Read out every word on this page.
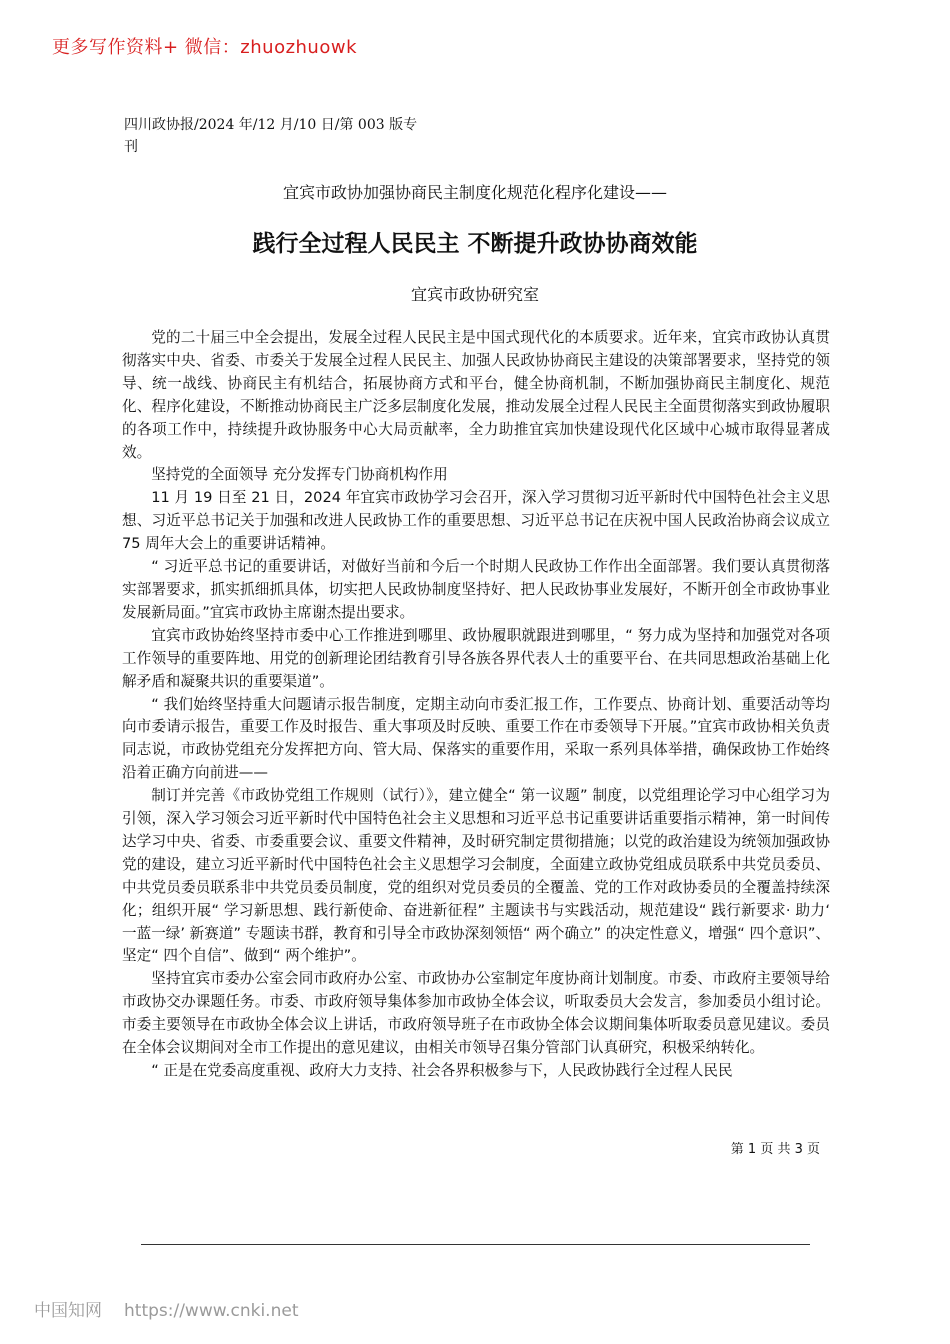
更多写作资料+ 微信：zhuozhuowk
四川政协报/2024 年/12 月/10 日/第 003 版专刊
宜宾市政协加强协商民主制度化规范化程序化建设——
践行全过程人民民主 不断提升政协协商效能
宜宾市政协研究室

党的二十届三中全会提出，发展全过程人民民主是中国式现代化的本质要求。近年来，宜宾市政协认真贯彻落实中央、省委、市委关于发展全过程人民民主、加强人民政协协商民主建设的决策部署要求，坚持党的领导、统一战线、协商民主有机结合，拓展协商方式和平台，健全协商机制，不断加强协商民主制度化、规范化、程序化建设，不断推动协商民主广泛多层制度化发展，推动发展全过程人民民主全面贯彻落实到政协履职的各项工作中，持续提升政协服务中心大局贡献率，全力助推宜宾加快建设现代化区域中心城市取得显著成效。

坚持党的全面领导 充分发挥专门协商机构作用

11 月 19 日至 21 日，2024 年宜宾市政协学习会召开，深入学习贯彻习近平新时代中国特色社会主义思想、习近平总书记关于加强和改进人民政协工作的重要思想、习近平总书记在庆祝中国人民政治协商会议成立 75 周年大会上的重要讲话精神。

“ 习近平总书记的重要讲话，对做好当前和今后一个时期人民政协工作作出全面部署。我们要认真贯彻落实部署要求，抓实抓细抓具体，切实把人民政协制度坚持好、把人民政协事业发展好，不断开创全市政协事业发展新局面。”宜宾市政协主席谢杰提出要求。

宜宾市政协始终坚持市委中心工作推进到哪里、政协履职就跟进到哪里，“ 努力成为坚持和加强党对各项工作领导的重要阵地、用党的创新理论团结教育引导各族各界代表人士的重要平台、在共同思想政治基础上化解矛盾和凝聚共识的重要渠道”。

“ 我们始终坚持重大问题请示报告制度，定期主动向市委汇报工作，工作要点、协商计划、重要活动等均向市委请示报告，重要工作及时报告、重大事项及时反映、重要工作在市委领导下开展。”宜宾市政协相关负责同志说，市政协党组充分发挥把方向、管大局、保落实的重要作用，采取一系列具体举措，确保政协工作始终沿着正确方向前进——

制订并完善《市政协党组工作规则（试行）》，建立健全“ 第一议题” 制度，以党组理论学习中心组学习为引领，深入学习领会习近平新时代中国特色社会主义思想和习近平总书记重要讲话重要指示精神，第一时间传达学习中央、省委、市委重要会议、重要文件精神，及时研究制定贯彻措施；以党的政治建设为统领加强政协党的建设，建立习近平新时代中国特色社会主义思想学习会制度，全面建立政协党组成员联系中共党员委员、中共党员委员联系非中共党员委员制度，党的组织对党员委员的全覆盖、党的工作对政协委员的全覆盖持续深化；组织开展“ 学习新思想、践行新使命、奋进新征程” 主题读书与实践活动，规范建设“ 践行新要求· 助力‘ 一蓝一绿’ 新赛道” 专题读书群，教育和引导全市政协深刻领悟“ 两个确立” 的决定性意义，增强“ 四个意识”、坚定“ 四个自信”、做到“ 两个维护”。

坚持宜宾市委办公室会同市政府办公室、市政协办公室制定年度协商计划制度。市委、市政府主要领导给市政协交办课题任务。市委、市政府领导集体参加市政协全体会议，听取委员大会发言，参加委员小组讨论。市委主要领导在市政协全体会议上讲话，市政府领导班子在市政协全体会议期间集体听取委员意见建议。委员在全体会议期间对全市工作提出的意见建议，由相关市领导召集分管部门认真研究，积极采纳转化。

“ 正是在党委高度重视、政府大力支持、社会各界积极参与下，人民政协践行全过程人民民

第 1 页 共 3 页
中国知网 https://www.cnki.net
